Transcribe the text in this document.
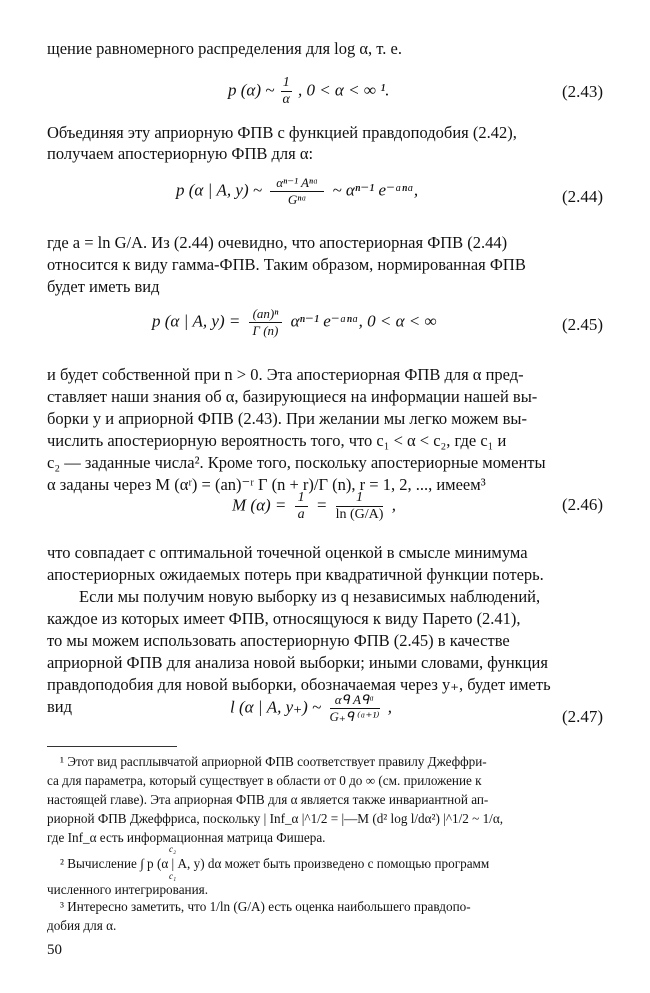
щение равномерного распределения для log α, т. е.
p (α) ~ $\frac{1}{\alpha}$ , 0 < α < ∞ ¹.	(2.43)
Объединяя эту априорную ФПВ с функцией правдоподобия (2.42),
получаем апостериорную ФПВ для α:
p (α | A, y) ~	αⁿ⁻¹ Aⁿᵅ
Gⁿᵅ
~ αⁿ⁻¹ e⁻ᵃⁿᵅ,	(2.44)
где a = ln G/A. Из (2.44) очевидно, что апостериорная ФПВ (2.44)
относится к виду гамма-ФПВ. Таким образом, нормированная ФПВ
будет иметь вид
p (α | A, $y) = \frac{\text{(an)ⁿ}}{\Gamma (n)} \alpha^{n-1}$ e⁻ᵃⁿᵅ, 0 < α < ∞	(2.45)
и будет собственной при n > 0. Эта апостериорная ФПВ для α пред-
ставляет наши знания об α, базирующиеся на информации нашей вы-
борки y и априорной ФПВ (2.43). При желании мы легко можем вы-
числить апостериорную вероятность того, что c₁ < α < c₂, где c₁ и
c₂ — заданные числа². Кроме того, поскольку апостериорные моменты
α заданы через M (αʳ) = (an)⁻ʳ Γ (n + r)/Γ (n), r = 1, 2, ..., имеем³
M $(\alpha) = \frac{1}{a} = \frac{1}{\ln (G/A)}$ ,	(2.46)
что совпадает с оптимальной точечной оценкой в смысле минимума
апостериорных ожидаемых потерь при квадратичной функции потерь.
Если мы получим новую выборку из q независимых наблюдений,
каждое из которых имеет ФПВ, относящуюся к виду Парето (2.41),
то мы можем использовать апостериорную ФПВ (2.45) в качестве
априорной ФПВ для анализа новой выборки; иными словами, функция
правдоподобия для новой выборки, обозначаемая через y₊, будет иметь
вид	l (α | A, y₊) ~	αᑫ Aᑫᵅ
G₊ᑫ ⁽ᵅ⁺¹⁾
,
(2.47)
¹ Этот вид расплывчатой априорной ФПВ соответствует правилу Джеффри-
са для параметра, который существует в области от 0 до ∞ (см. приложение к
настоящей главе). Эта априорная ФПВ для α является также инвариантной ап-
риорной ФПВ Джеффриса, поскольку | Inf_α |^1/2 = |—M (d² log l/dα²) |^1/2 ~ 1/α,
где Inf_α есть информационная матрица Фишера.
c₂
² Вычисление ∫ p (α | A, y) dα может быть произведено с помощью программ
c₁
численного интегрирования.
³ Интересно заметить, что 1/ln (G/A) есть оценка наибольшего правдопо-
добия для α.
50
